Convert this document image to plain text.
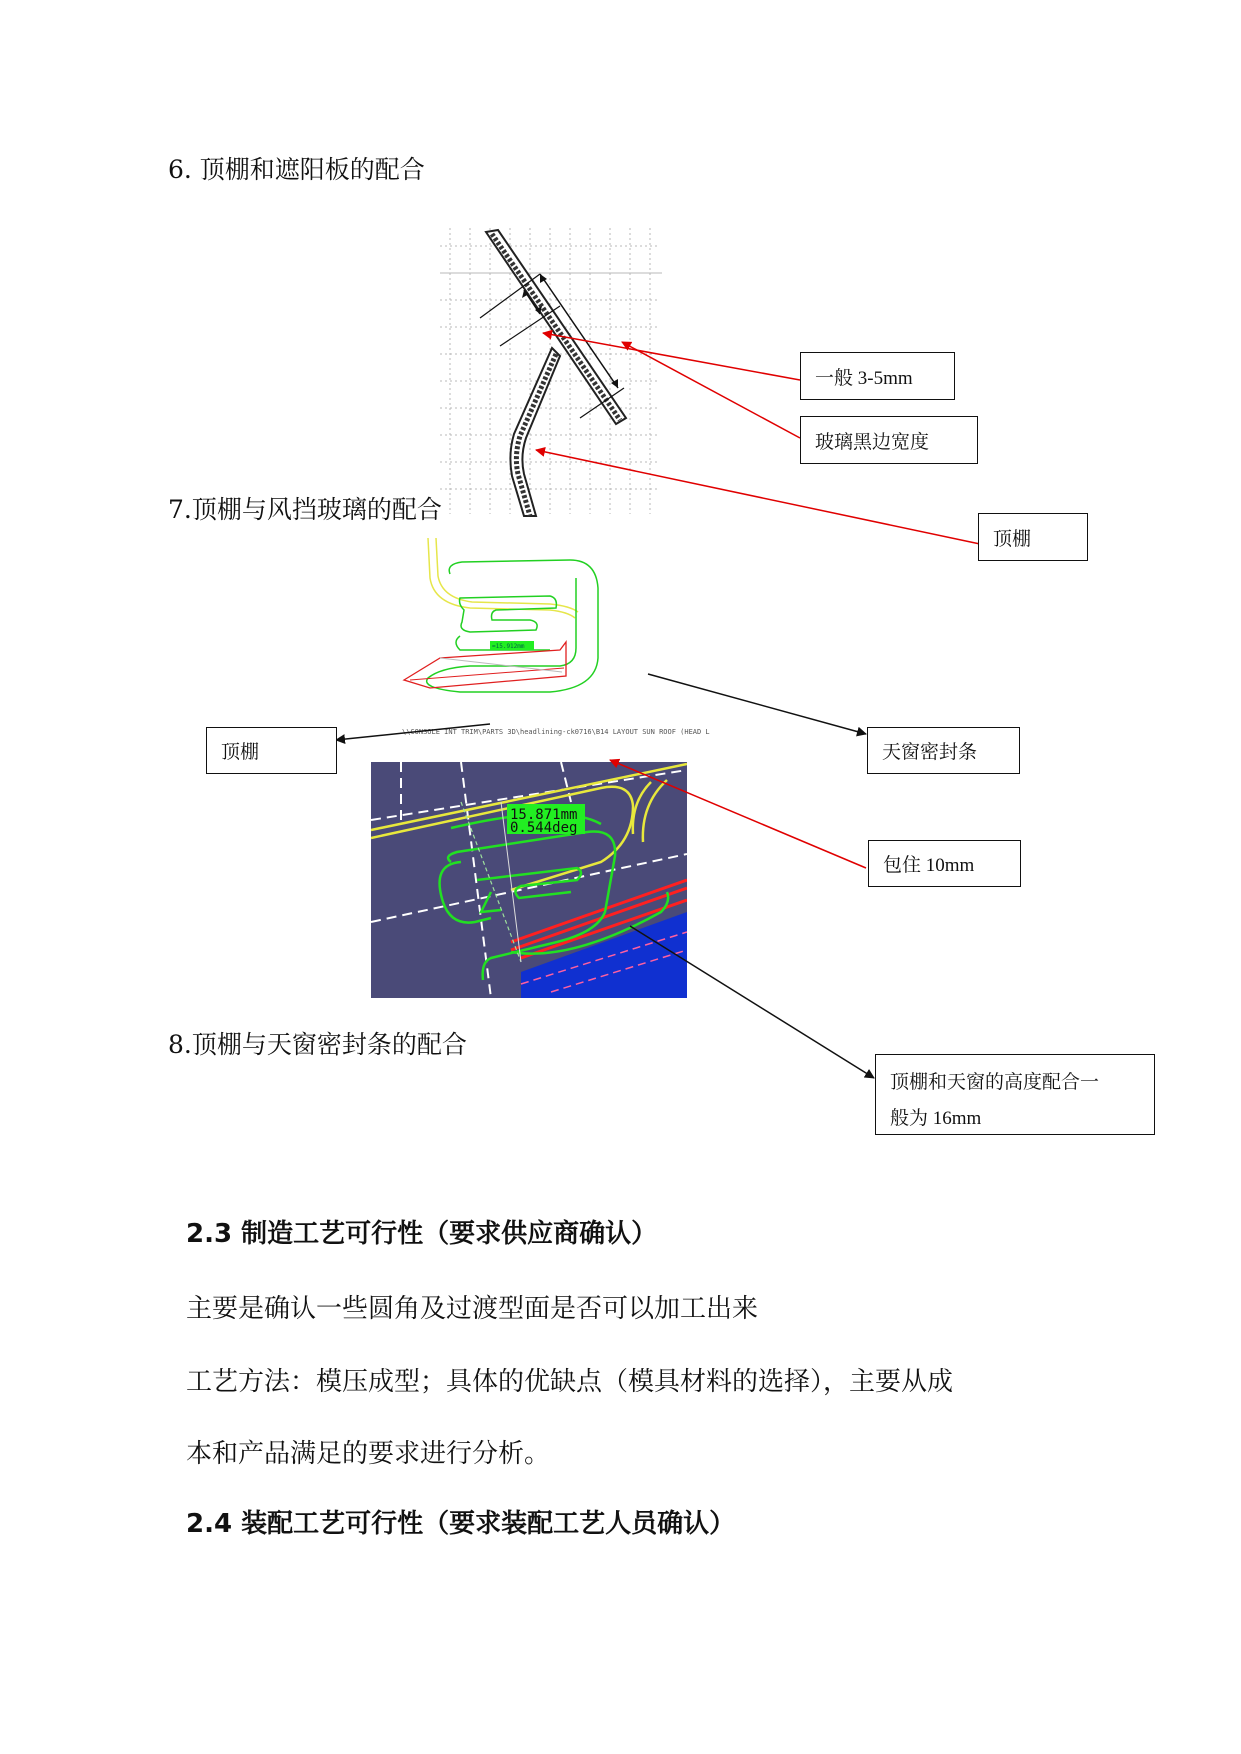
6. 顶棚和遮阳板的配合
7.顶棚与风挡玻璃的配合
8.顶棚与天窗密封条的配合
=15.912mm
\\CONSOLE INT TRIM\PARTS 3D\headlining-ck0716\B14 LAYOUT SUN ROOF (HEAD L
15.871mm
0.544deg
一般 3-5mm
玻璃黑边宽度
顶棚
顶棚	天窗密封条
包住 10mm
顶棚和天窗的高度配合一
般为 16mm
2.3 制造工艺可行性（要求供应商确认）
主要是确认一些圆角及过渡型面是否可以加工出来
工艺方法：模压成型；具体的优缺点（模具材料的选择），主要从成
本和产品满足的要求进行分析。
2.4 装配工艺可行性（要求装配工艺人员确认）
